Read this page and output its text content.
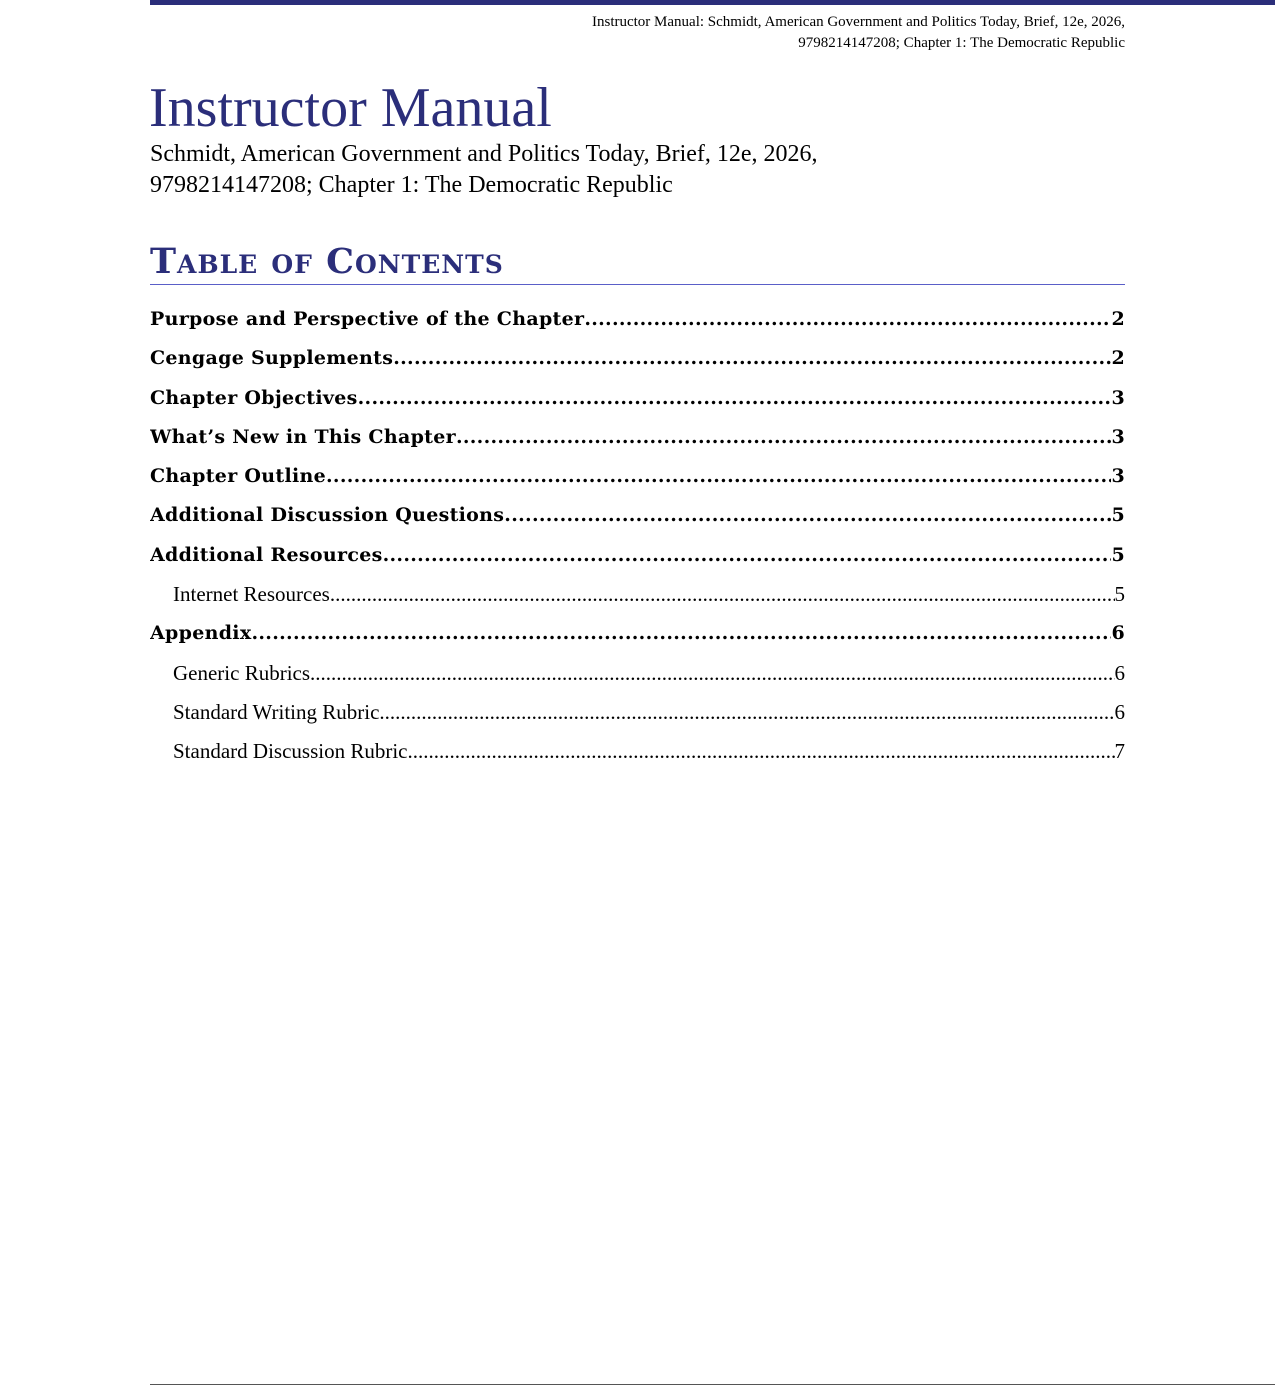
Instructor Manual: Schmidt, American Government and Politics Today, Brief, 12e, 2026,
9798214147208; Chapter 1: The Democratic Republic
Instructor Manual
Schmidt, American Government and Politics Today, Brief, 12e, 2026,
9798214147208; Chapter 1: The Democratic Republic
Table of Contents
Purpose and Perspective of the Chapter .....	2
Cengage Supplements .....	2
Chapter Objectives .....	3
What’s New in This Chapter .....	3
Chapter Outline .....	3
Additional Discussion Questions .....	5
Additional Resources .....	5
Internet Resources .....	5
Appendix .....	6
Generic Rubrics .....	6
Standard Writing Rubric .....	6
Standard Discussion Rubric .....	7
